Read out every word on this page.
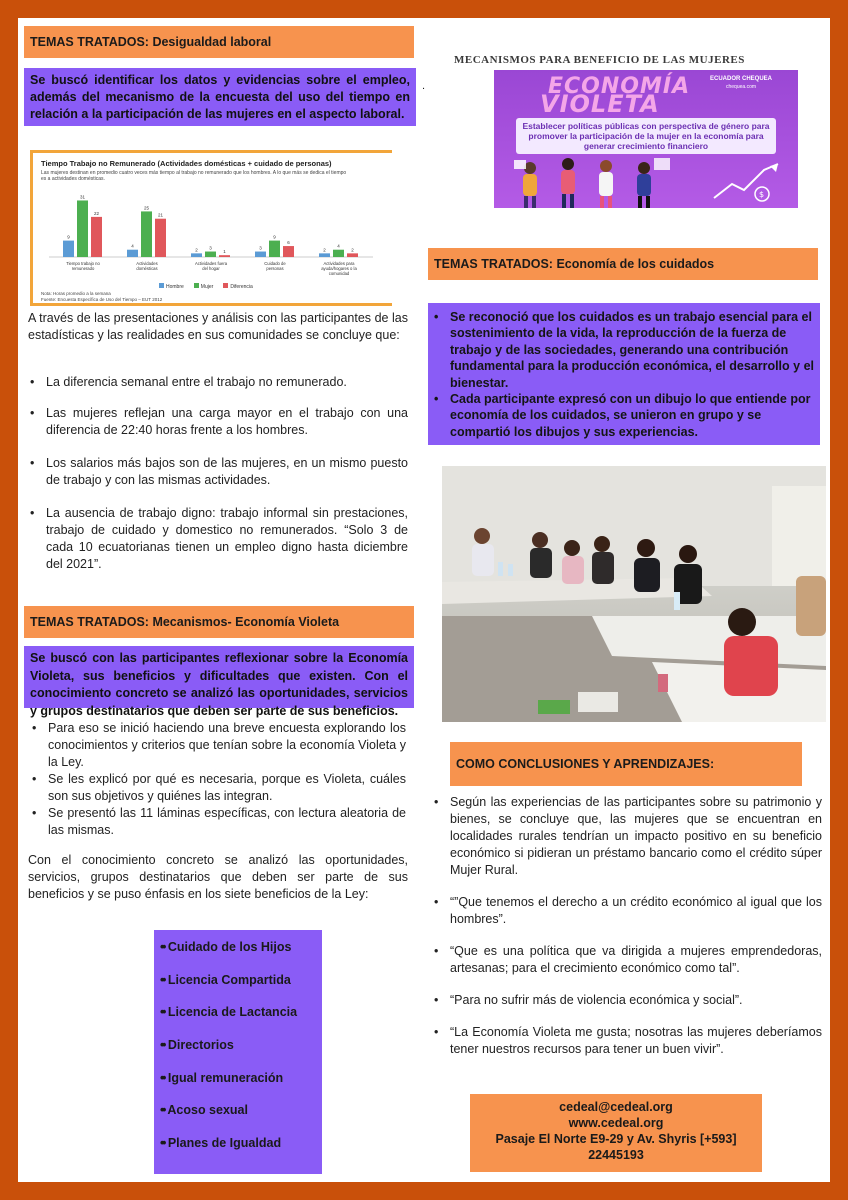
TEMAS TRATADOS: Desigualdad laboral
Se buscó identificar los datos y evidencias sobre el empleo, además del mecanismo de la encuesta del uso del tiempo en relación a la participación de las mujeres en el aspecto laboral.
.
Tiempo Trabajo no Remunerado (Actividades domésticas + cuidado de personas)
Las mujeres destinan en promedio cuatro veces más tiempo al trabajo no remunerado que los hombres. A lo que más se dedica el tiempo es a actividades domésticas.
9
31
22
Tiempo trabajo no remunerado
4
25
21
Actividades domésticas
2	3
1
Actividades fuera del hogar
3
9
6
Cuidado de personas
2
4
2
Actividades para ayuda/hogares o la comunidad
Hombre	Mujer	Diferencia
Nota: Horas promedio a la semana
Fuente: Encuesta Específica de Uso del Tiempo – EUT 2012
A través de las presentaciones y análisis con las participantes de las estadísticas y las realidades en sus comunidades se concluye que:
• La diferencia semanal entre el trabajo no remunerado.
• Las mujeres reflejan una carga mayor en el trabajo con una diferencia de 22:40 horas frente a los hombres.
• Los salarios más bajos son de las mujeres, en un mismo puesto de trabajo y con las mismas actividades.
• La ausencia de trabajo digno: trabajo informal sin prestaciones, trabajo de cuidado y domestico no remunerados. “Solo 3 de cada 10 ecuatorianas tienen un empleo digno hasta diciembre del 2021”.
TEMAS TRATADOS: Mecanismos- Economía Violeta
Se buscó con las participantes reflexionar sobre la Economía Violeta, sus beneficios y dificultades que existen. Con el conocimiento concreto se analizó las oportunidades, servicios y grupos destinatarios que deben ser parte de sus beneficios.
• Para eso se inició haciendo una breve encuesta explorando los conocimientos y criterios que tenían sobre la economía Violeta y la Ley.
• Se les explicó por qué es necesaria, porque es Violeta, cuáles son sus objetivos y quiénes las integran.
• Se presentó las 11 láminas específicas, con lectura aleatoria de las mismas.
Con el conocimiento concreto se analizó las oportunidades, servicios, grupos destinatarios que deben ser parte de sus beneficios y se puso énfasis en los siete beneficios de la Ley:
• • Cuidado de los Hijos
• • Licencia Compartida
• • Licencia de Lactancia
• • Directorios
• • Igual remuneración
• • Acoso sexual
• • Planes de Igualdad
MECANISMOS PARA BENEFICIO DE LAS MUJERES
ECONOMÍA
VIOLETA
ECUADOR CHEQUEA
chequea.com
Establecer políticas públicas con perspectiva de género para promover la participación de la mujer en la economía para generar crecimiento financiero
$
TEMAS TRATADOS: Economía de los cuidados
• Se reconoció que los cuidados es un trabajo esencial para el sostenimiento de la vida, la reproducción de la fuerza de trabajo y de las sociedades, generando una contribución fundamental para la producción económica, el desarrollo y el bienestar.
• Cada participante expresó con un dibujo lo que entiende por economía de los cuidados, se unieron en grupo y se compartió los dibujos y sus experiencias.
COMO CONCLUSIONES Y APRENDIZAJES:
• Según las experiencias de las participantes sobre su patrimonio y bienes, se concluye que, las mujeres que se encuentran en localidades rurales tendrían un impacto positivo en su beneficio económico si pidieran un préstamo bancario como el crédito súper Mujer Rural.
• “”Que tenemos el derecho a un crédito económico al igual que los hombres”.
• “Que es una política que va dirigida a mujeres emprendedoras, artesanas; para el crecimiento económico como tal”.
• “Para no sufrir más de violencia económica y social”.
• “La Economía Violeta me gusta; nosotras las mujeres deberíamos tener nuestros recursos para tener un buen vivir”.
cedeal@cedeal.org
www.cedeal.org
Pasaje El Norte E9-29 y Av. Shyris [+593]
22445193
